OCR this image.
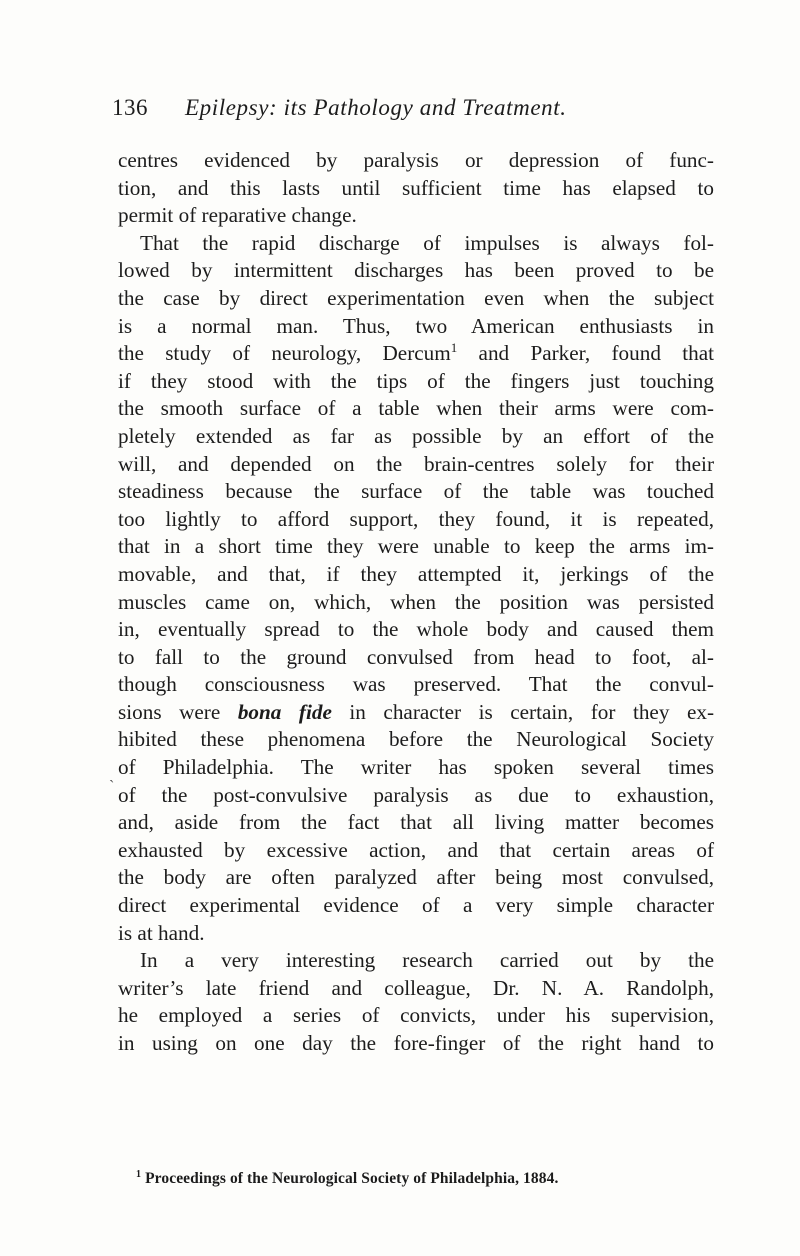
136 Epilepsy: its Pathology and Treatment.
centres evidenced by paralysis or depression of func-
tion, and this lasts until sufficient time has elapsed to
permit of reparative change.
That the rapid discharge of impulses is always fol-
lowed by intermittent discharges has been proved to be
the case by direct experimentation even when the subject
is a normal man. Thus, two American enthusiasts in
the study of neurology, Dercum$^1$ and Parker, found that
if they stood with the tips of the fingers just touching
the smooth surface of a table when their arms were com-
pletely extended as far as possible by an effort of the
will, and depended on the brain-centres solely for their
steadiness because the surface of the table was touched
too lightly to afford support, they found, it is repeated,
that in a short time they were unable to keep the arms im-
movable, and that, if they attempted it, jerkings of the
muscles came on, which, when the position was persisted
in, eventually spread to the whole body and caused them
to fall to the ground convulsed from head to foot, al-
though consciousness was preserved. That the convul-
sions were bona fide in character is certain, for they ex-
hibited these phenomena before the Neurological Society
of Philadelphia. The writer has spoken several times
of the post-convulsive paralysis as due to exhaustion,
and, aside from the fact that all living matter becomes
exhausted by excessive action, and that certain areas of
the body are often paralyzed after being most convulsed,
direct experimental evidence of a very simple character
is at hand.
In a very interesting research carried out by the
writer’s late friend and colleague, Dr. N. A. Randolph,
he employed a series of convicts, under his supervision,
in using on one day the fore-finger of the right hand to
`
$^1$ Proceedings of the Neurological Society of Philadelphia, 1884.
